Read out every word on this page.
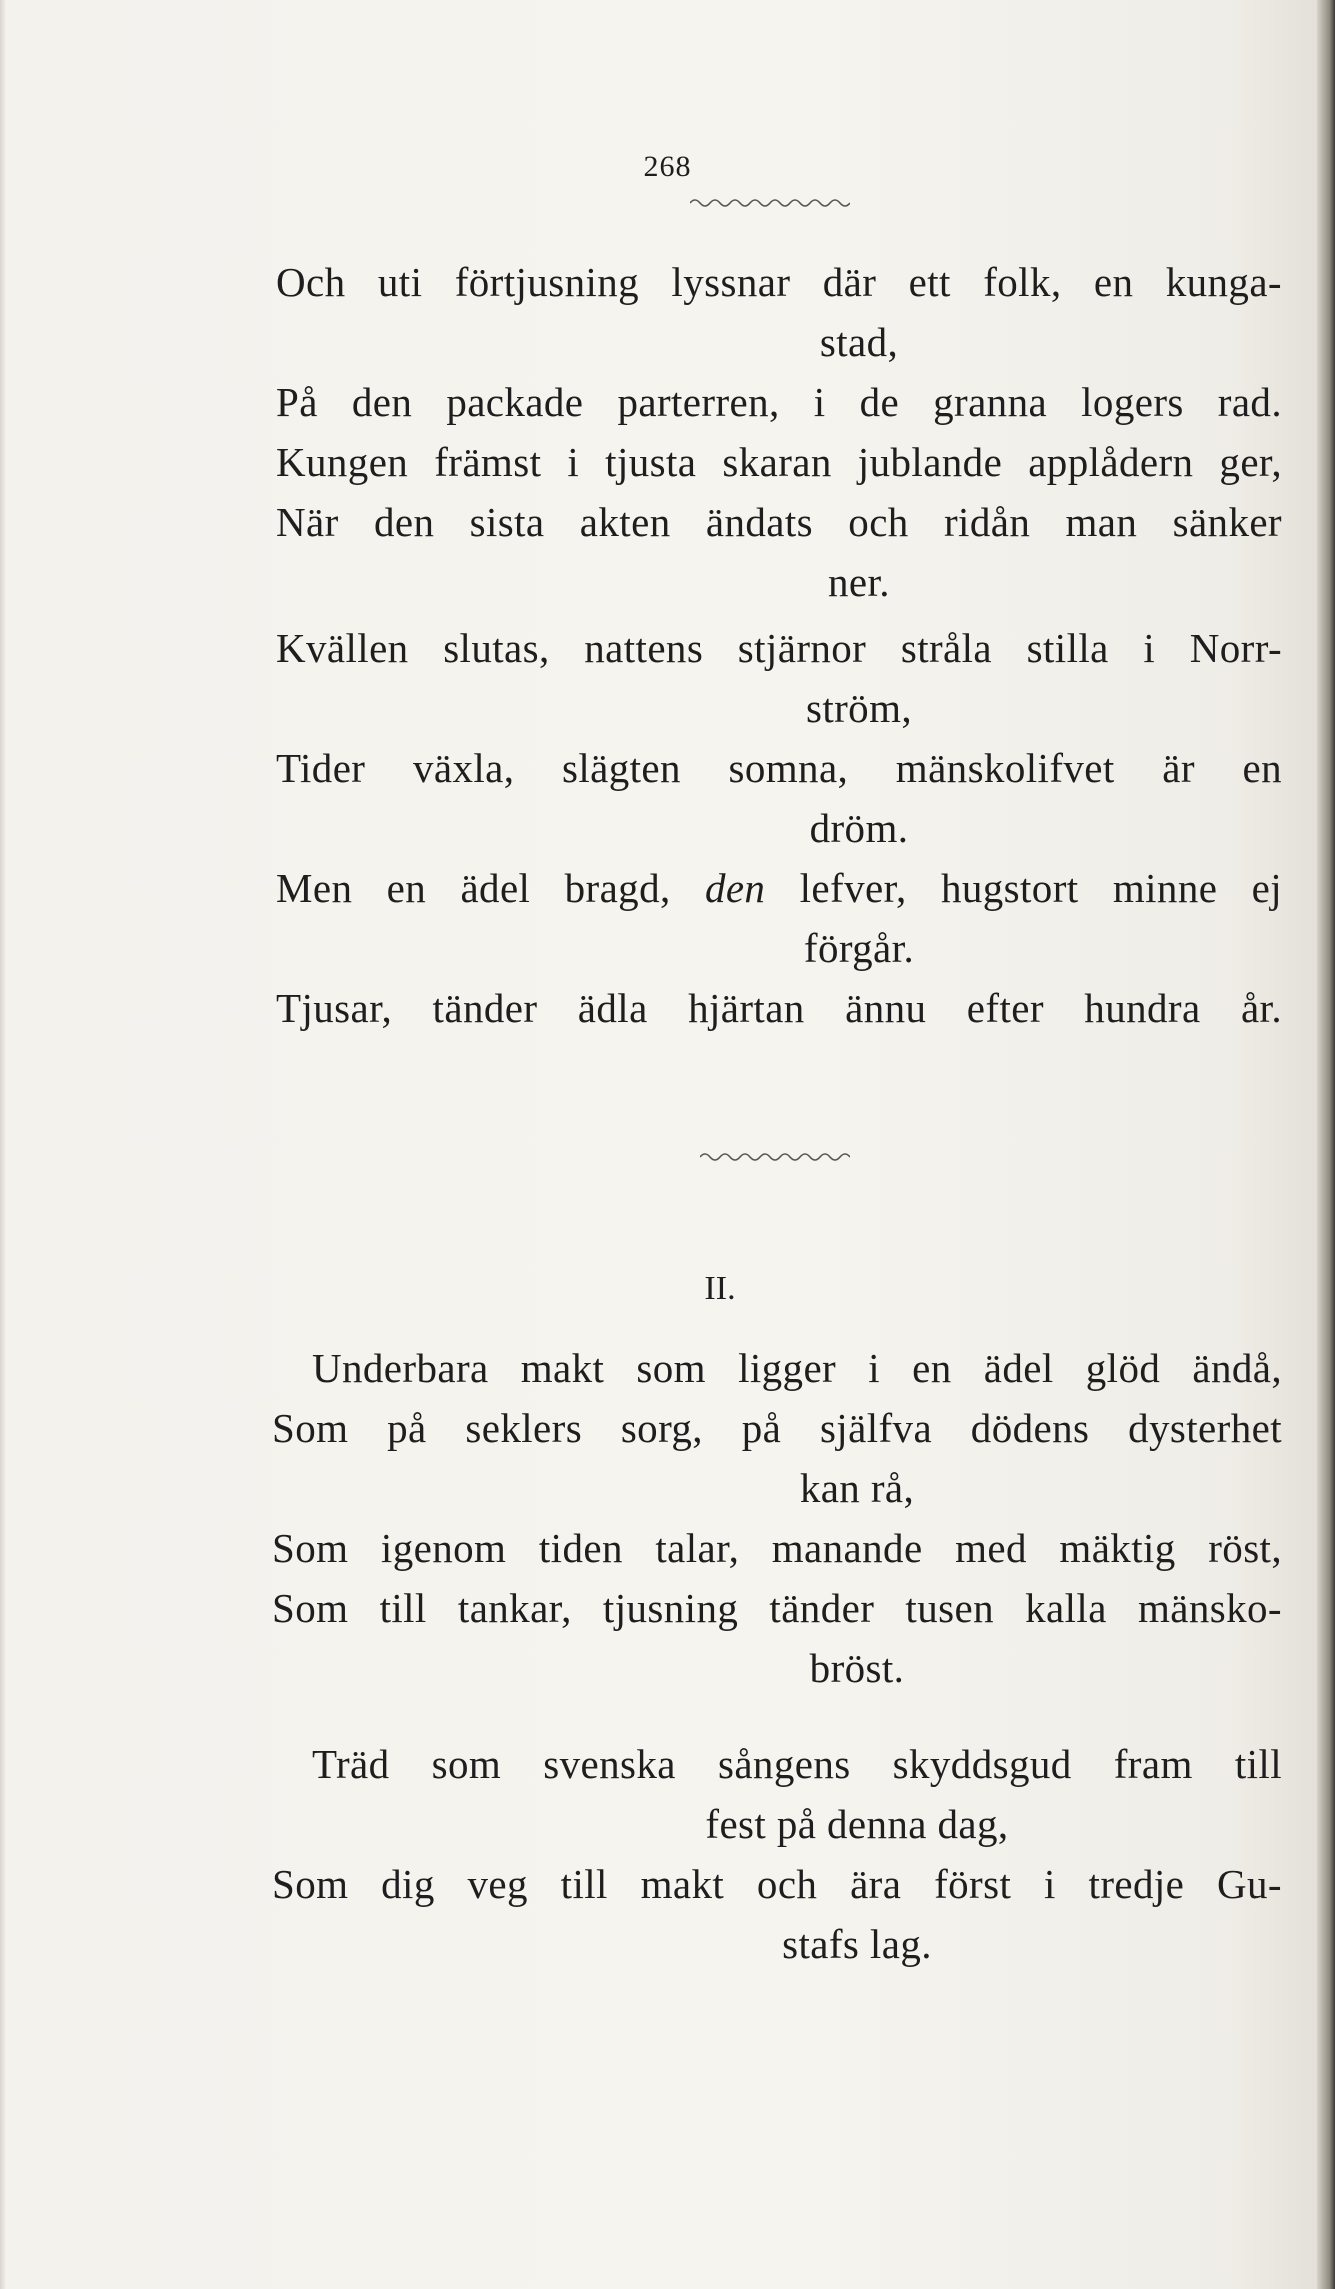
268
Och uti förtjusning lyssnar där ett folk, en kunga-
stad,
På den packade parterren, i de granna logers rad.
Kungen främst i tjusta skaran jublande applådern ger,
När den sista akten ändats och ridån man sänker
ner.
Kvällen slutas, nattens stjärnor stråla stilla i Norr-
ström,
Tider växla, slägten somna, mänskolifvet är en
dröm.
Men en ädel bragd, den lefver, hugstort minne ej
förgår.
Tjusar, tänder ädla hjärtan ännu efter hundra år.
II.
Underbara makt som ligger i en ädel glöd ändå,
Som på seklers sorg, på själfva dödens dysterhet
kan rå,
Som igenom tiden talar, manande med mäktig röst,
Som till tankar, tjusning tänder tusen kalla mänsko-
bröst.
Träd som svenska sångens skyddsgud fram till
fest på denna dag,
Som dig veg till makt och ära först i tredje Gu-
stafs lag.
